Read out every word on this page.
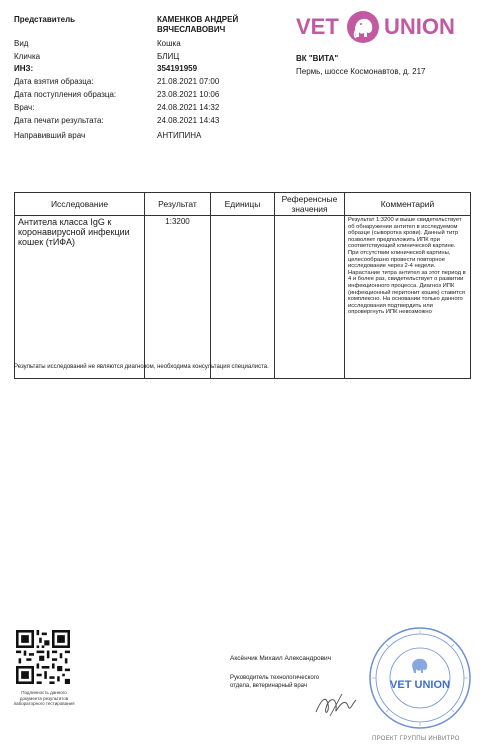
Представитель	КАМЕНКОВ АНДРЕЙ ВЯЧЕСЛАВОВИЧ
Вид	Кошка
Кличка	БЛИЦ
ИНЗ:	354191959
Дата взятия образца:	21.08.2021 07:00
Дата поступления образца:	23.08.2021 10:06
Врач:	24.08.2021 14:32
Дата печати результата:	24.08.2021 14:43
Направивший врач	АНТИПИНА
VET UNION
ВК "ВИТА"
Пермь, шоссе Космонавтов, д. 217
Исследование	Результат	Единицы	Референсные значения	Комментарий
Антитела класса IgG к коронавирусной инфекции кошек (тИФА)	1:3200			Результат 1:3200 и выше свидетельствует об обнаружении антител в исследуемом образце (сыворотка крови). Данный титр позволяет предположить ИПК при соответствующей клинической картине. При отсутствии клинической картины, целесообразно провести повторное исследование через 2-4 недели. Нарастание титра антител за этот период в 4 и более раз, свидетельствует о развитии инфекционного процесса. Диагноз ИПК (инфекционный перитонит кошек) ставится комплексно. На основании только данного исследования подтвердить или опровергнуть ИПК невозможно
Результаты исследований не являются диагнозом, необходима консультация специалиста.
Подлинность данного документа результатов лабораторного тестирования
Аксёнчик Михаил Александрович
Руководитель технологического
отдела, ветеринарный врач	VET UNION
ПРОЕКТ ГРУППЫ ИНВИТРО
